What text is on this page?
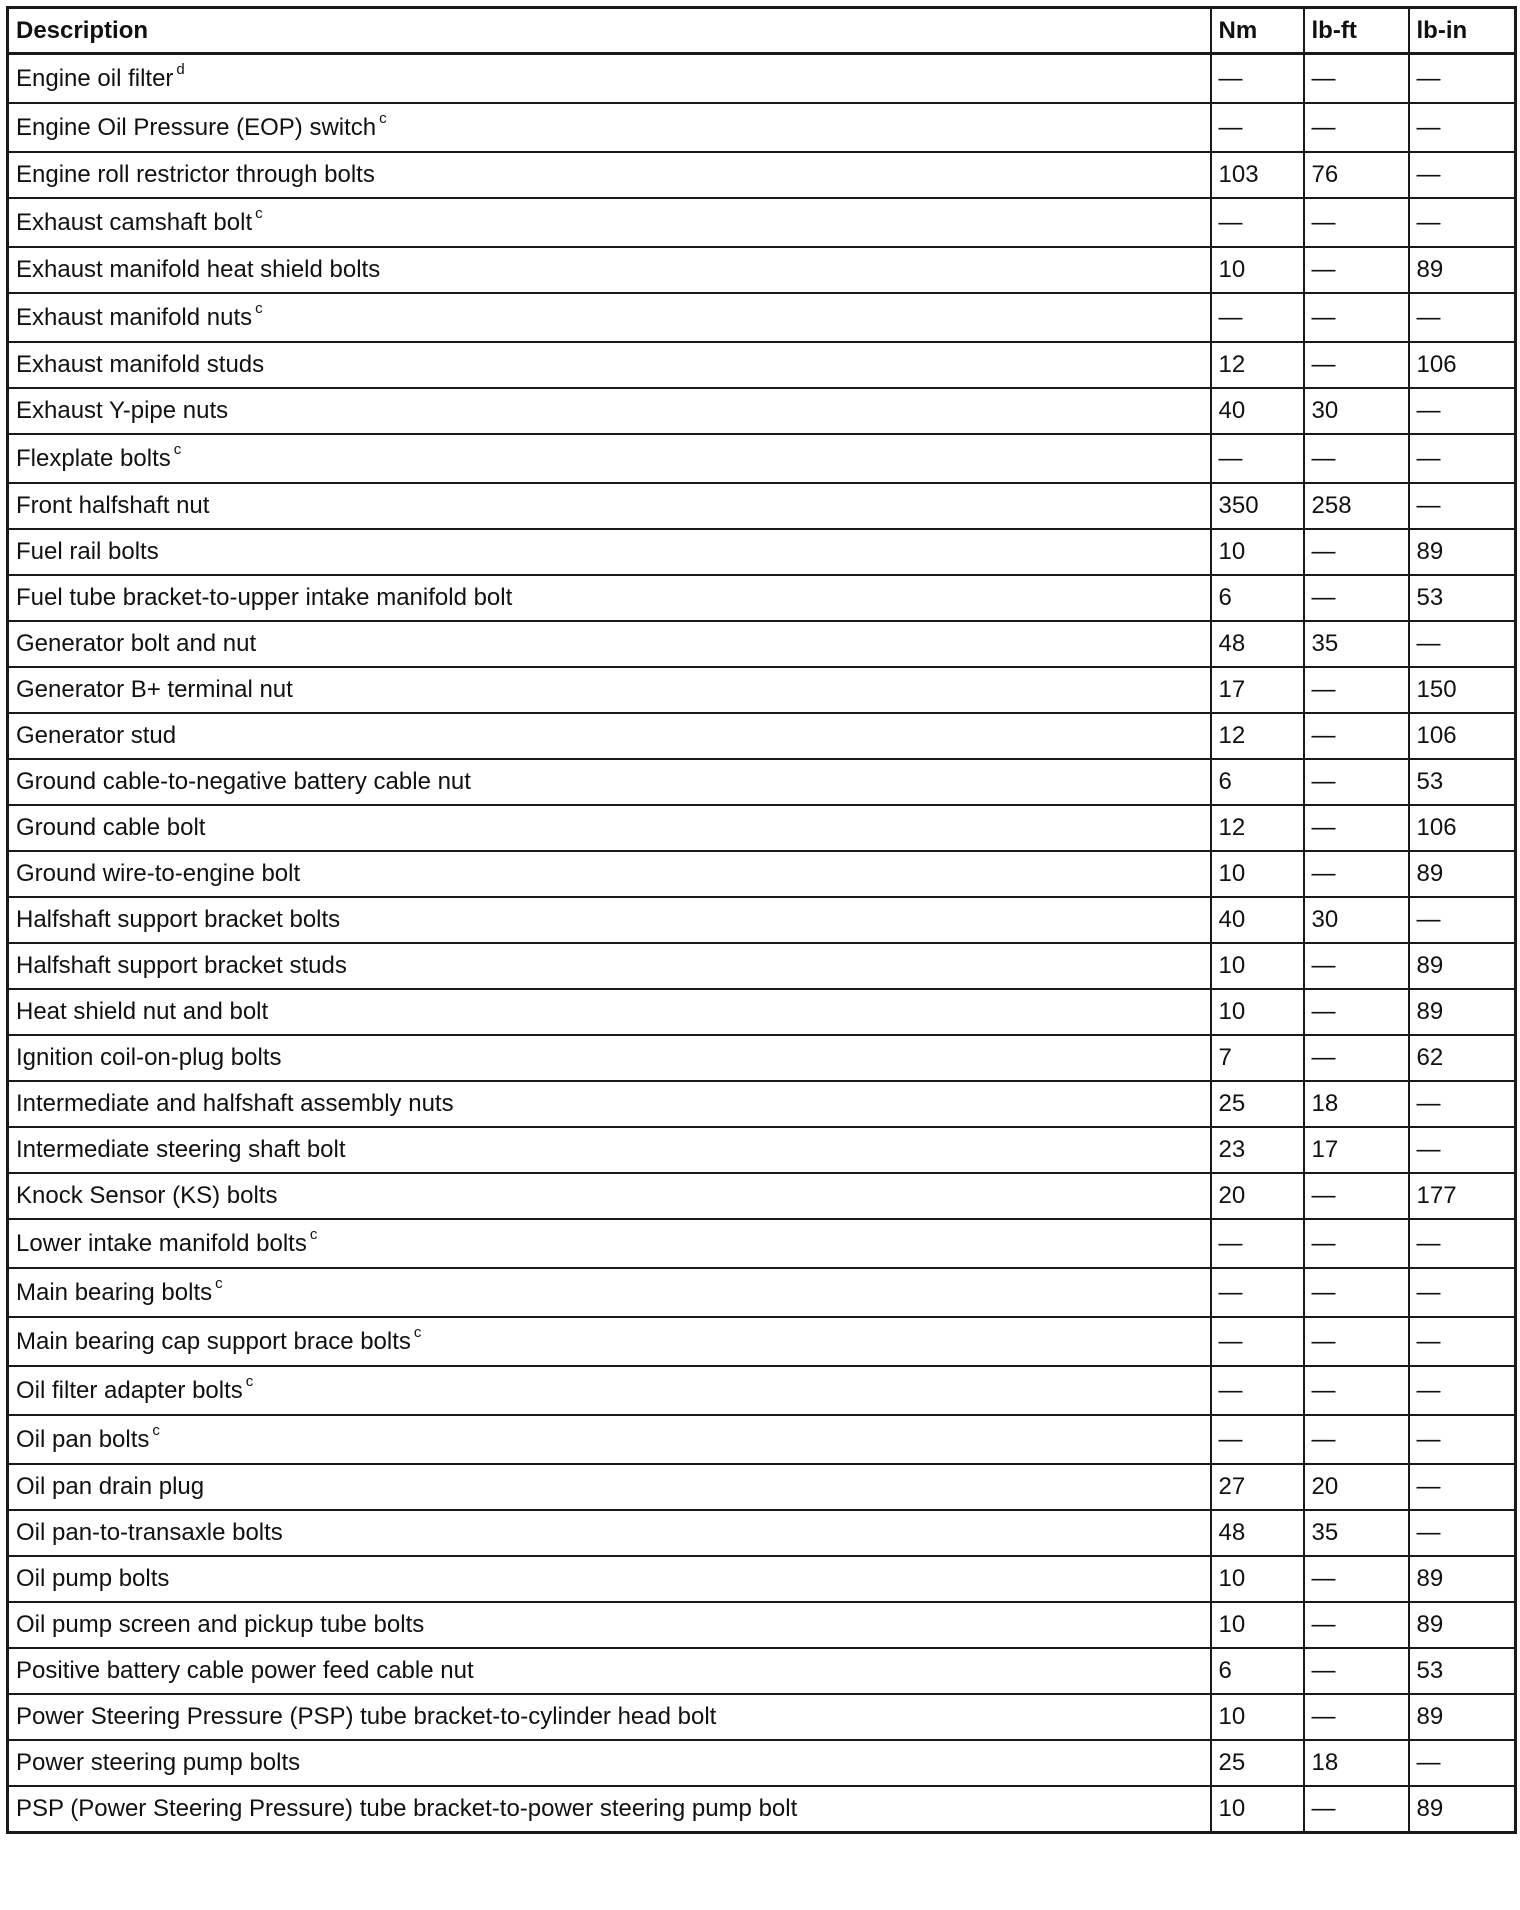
Description	Nm	lb-ft	lb-in
Engine oil filter $^d$	—	—	—
Engine Oil Pressure (EOP) switch $^c$	—	—	—
Engine roll restrictor through bolts	103	76	—
Exhaust camshaft bolt $^c$	—	—	—
Exhaust manifold heat shield bolts	10	—	89
Exhaust manifold nuts $^c$	—	—	—
Exhaust manifold studs	12	—	106
Exhaust Y-pipe nuts	40	30	—
Flexplate bolts $^c$	—	—	—
Front halfshaft nut	350	258	—
Fuel rail bolts	10	—	89
Fuel tube bracket-to-upper intake manifold bolt	6	—	53
Generator bolt and nut	48	35	—
Generator B+ terminal nut	17	—	150
Generator stud	12	—	106
Ground cable-to-negative battery cable nut	6	—	53
Ground cable bolt	12	—	106
Ground wire-to-engine bolt	10	—	89
Halfshaft support bracket bolts	40	30	—
Halfshaft support bracket studs	10	—	89
Heat shield nut and bolt	10	—	89
Ignition coil-on-plug bolts	7	—	62
Intermediate and halfshaft assembly nuts	25	18	—
Intermediate steering shaft bolt	23	17	—
Knock Sensor (KS) bolts	20	—	177
Lower intake manifold bolts $^c$	—	—	—
Main bearing bolts $^c$	—	—	—
Main bearing cap support brace bolts $^c$	—	—	—
Oil filter adapter bolts $^c$	—	—	—
Oil pan bolts $^c$	—	—	—
Oil pan drain plug	27	20	—
Oil pan-to-transaxle bolts	48	35	—
Oil pump bolts	10	—	89
Oil pump screen and pickup tube bolts	10	—	89
Positive battery cable power feed cable nut	6	—	53
Power Steering Pressure (PSP) tube bracket-to-cylinder head bolt	10	—	89
Power steering pump bolts	25	18	—
PSP (Power Steering Pressure) tube bracket-to-power steering pump bolt	10	—	89
